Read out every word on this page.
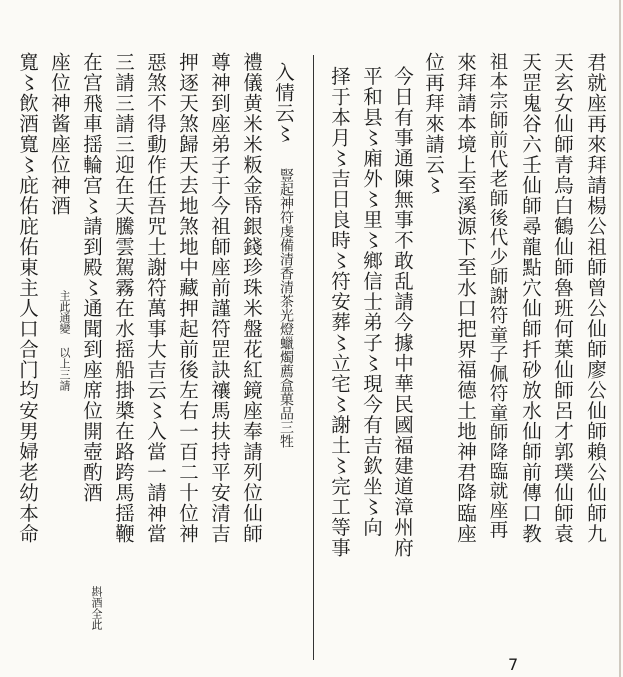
君就座再來拜請楊公祖師曾公仙師廖公仙師賴公仙師九
天玄女仙師青烏白鶴仙師魯班何葉仙師呂才郭璞仙師袁
天罡鬼谷六壬仙師尋龍點穴仙師扦砂放水仙師前傳口教
祖本宗師前代老師後代少師謝符童子佩符童師降臨就座再
來拜請本境上至溪源下至水口把界福德土地神君降臨座
位再拜來請云〻
今日有事通陳無事不敢乱請今據中華民國福建道漳州府
平和县〻廂外〻里〻鄉信士弟子〻現今有吉欽坐〻向
择于本月〻吉日良時〻符安葬〻立宅〻謝土〻完工等事
入情云〻
豎起神符虔備清香清茶光燈蠟燭薦盒菓品三牲
禮儀黄米米粄金帋銀錢珍珠米盤花紅鏡座奉請列位仙師
尊神到座弟子于今祖師座前謹符罡訣禳馬扶持平安清吉
押逐天煞歸天去地煞地中藏押起前後左右一百二十位神
惡煞不得動作任吾咒土謝符萬事大吉云〻入當一請神當
三請三請三迎在天騰雲駕霧在水摇船掛槳在路跨馬揺鞭
在宫飛車揺輪宫〻請到殿〻通聞到座席位開壺酌酒
斟酒全此
座位神酱座位神酒
主此通變 以上三請
寬〻飲酒寬〻庇佑庇佑東主人口合门均安男婦老幼本命
7
